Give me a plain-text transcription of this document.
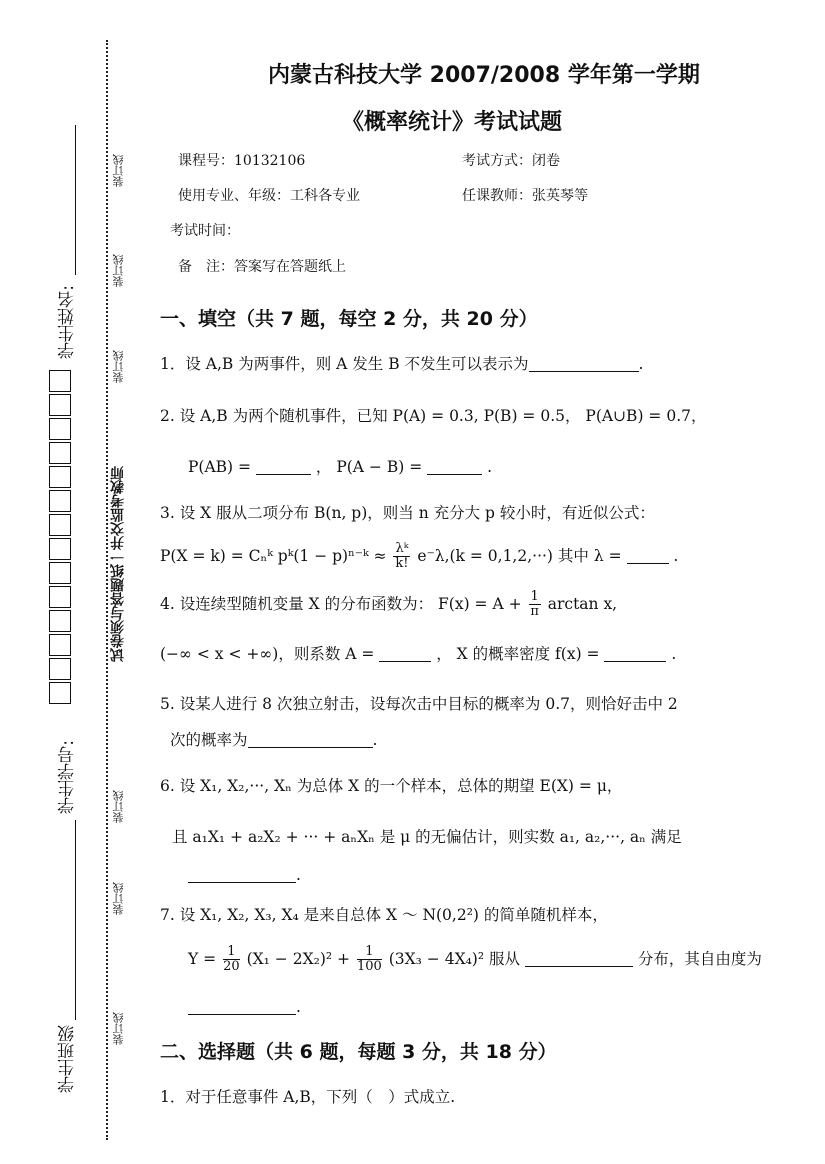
装订线
装订线
装订线
试卷须与答题纸一并交监考教师
装订线
装订线
装订线
学生姓名:
学生学号:
学生班级
内蒙古科技大学 2007/2008 学年第一学期
《概率统计》考试试题
课程号：10132106	考试方式：闭卷
使用专业、年级：工科各专业	任课教师：张英琴等
考试时间：
备　注：答案写在答题纸上
一、填空（共 7 题，每空 2 分，共 20 分）
1．设 A,B 为两事件，则 A 发生 B 不发生可以表示为	.
2. 设 A,B 为两个随机事件，已知 P(A) = 0.3, P(B) = 0.5， P(A∪B) = 0.7，
P(AB) =	， P(A − B) =	.
3. 设 X 服从二项分布 B(n, p)，则当 n 充分大 p 较小时，有近似公式：
P(X = k) = Cₙᵏ pᵏ(1 − p)ⁿ⁻ᵏ ≈ $\frac{\text{λᵏ}}{k!} e^-\lambda,(k = 0,1,2,\cdot\cdot\cdot)$ 其中 λ =	.
4. 设连续型随机变量 X 的分布函数为： $F(x) = A + \frac{1}{\pi}$ arctan x,
(−∞ < x < +∞)，则系数 A =	， X 的概率密度 f(x) =	.
5. 设某人进行 8 次独立射击，设每次击中目标的概率为 0.7，则恰好击中 2
次的概率为	.
6. 设 X₁, X₂,···, Xₙ 为总体 X 的一个样本，总体的期望 E(X) = μ，
且 a₁X₁ + a₂X₂ + ··· + aₙXₙ 是 μ 的无偏估计，则实数 a₁, a₂,···, aₙ 满足
.
7. 设 X₁, X₂, X₃, X₄ 是来自总体 X ～ N(0,2²) 的简单随机样本，
$Y = \frac{1}{20} (X_1 - 2X_2)^2 + \frac{1}{100} (3X_3 - 4X_4)^2$ 服从	分布，其自由度为
.
二、选择题（共 6 题，每题 3 分，共 18 分）
1．对于任意事件 A,B，下列（　）式成立.
